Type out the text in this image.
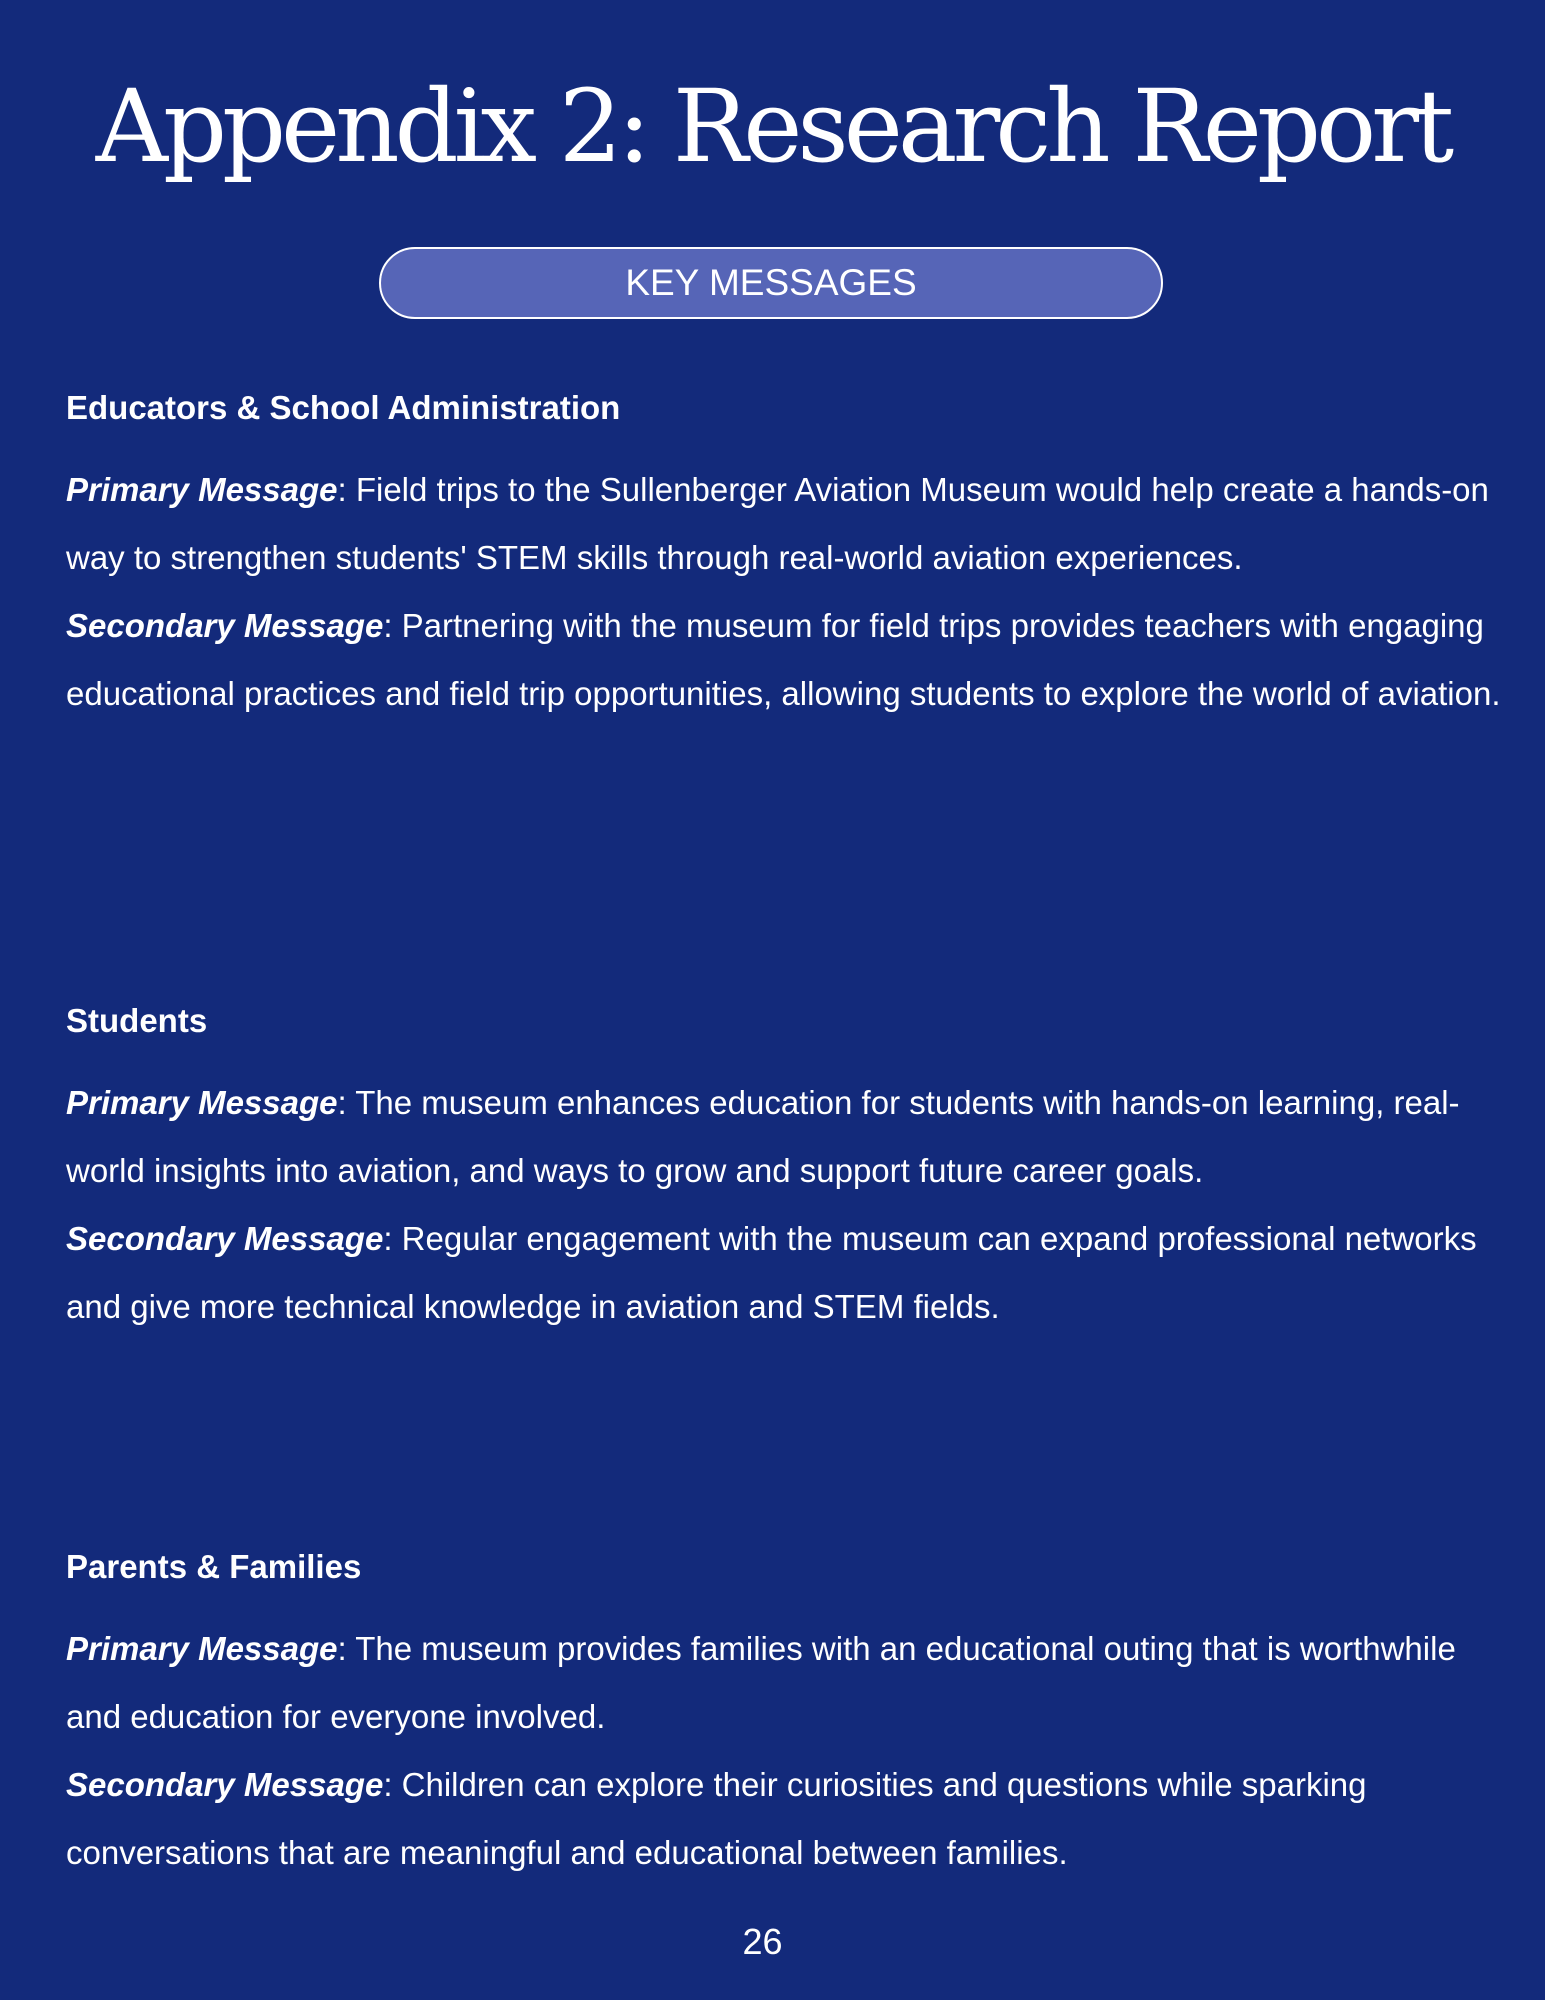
Appendix 2: Research Report
KEY MESSAGES
Educators & School Administration

Primary Message: Field trips to the Sullenberger Aviation Museum would help create a hands-on way to strengthen students' STEM skills through real-world aviation experiences.

Secondary Message: Partnering with the museum for field trips provides teachers with engaging educational practices and field trip opportunities, allowing students to explore the world of aviation.

Students

Primary Message: The museum enhances education for students with hands-on learning, real-world insights into aviation, and ways to grow and support future career goals.

Secondary Message: Regular engagement with the museum can expand professional networks and give more technical knowledge in aviation and STEM fields.

Parents & Families

Primary Message: The museum provides families with an educational outing that is worthwhile and education for everyone involved.

Secondary Message: Children can explore their curiosities and questions while sparking conversations that are meaningful and educational between families.

26
